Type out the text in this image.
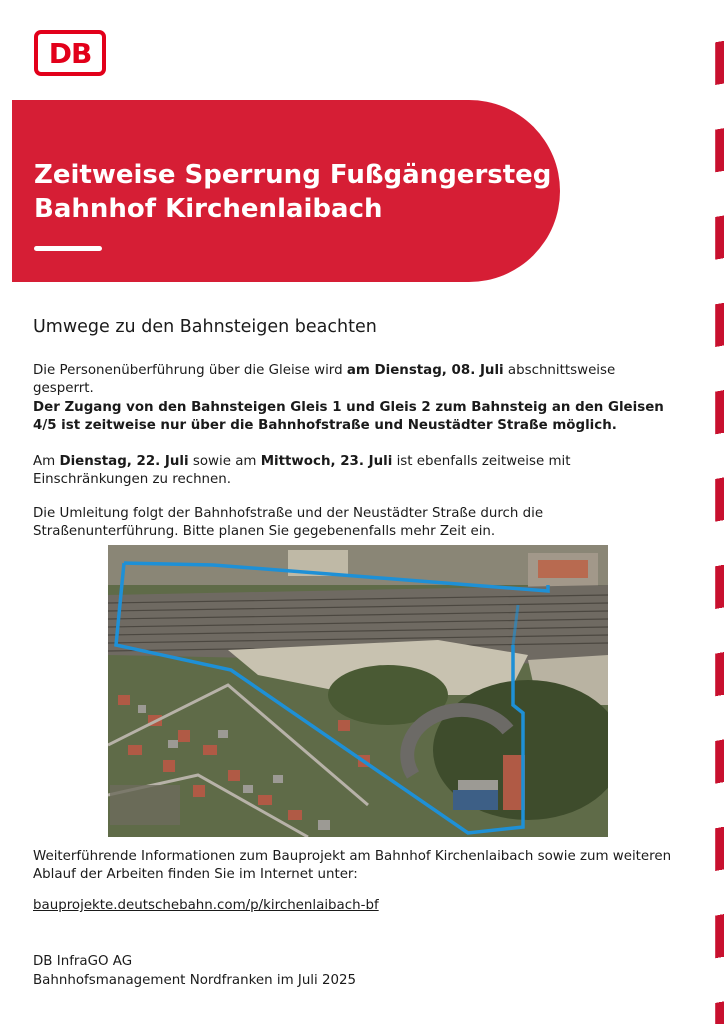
DB
Zeitweise Sperrung Fußgängersteg
Bahnhof Kirchenlaibach
Umwege zu den Bahnsteigen beachten
Die Personenüberführung über die Gleise wird am Dienstag, 08. Juli abschnittsweise gesperrt.
Der Zugang von den Bahnsteigen Gleis 1 und Gleis 2 zum Bahnsteig an den Gleisen 4/5 ist zeitweise nur über die Bahnhofstraße und Neustädter Straße möglich.
Am Dienstag, 22. Juli sowie am Mittwoch, 23. Juli ist ebenfalls zeitweise mit Einschränkungen zu rechnen.
Die Umleitung folgt der Bahnhofstraße und der Neustädter Straße durch die Straßenunterführung. Bitte planen Sie gegebenenfalls mehr Zeit ein.
Weiterführende Informationen zum Bauprojekt am Bahnhof Kirchenlaibach sowie zum weiteren Ablauf der Arbeiten finden Sie im Internet unter:
bauprojekte.deutschebahn.com/p/kirchenlaibach-bf
DB InfraGO AG
Bahnhofsmanagement Nordfranken im Juli 2025
